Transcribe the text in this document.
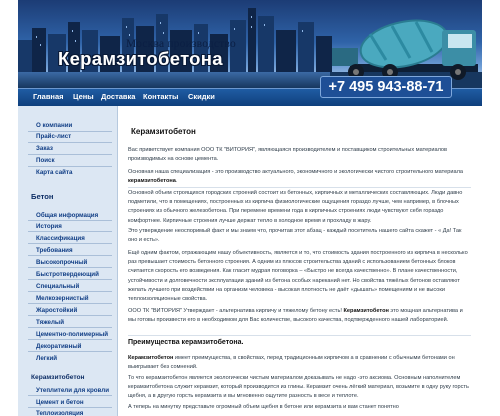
Москва производство
Керамзитобетона
+7 495 943-88-71
Главная Цены Доставка Контакты Скидки
О компании
Прайс-лист
Заказ
Поиск
Карта сайта
Бетон
Общая информация
История
Классификация
Требования
Высокопрочный
Быстротвердеющий
Специальный
Мелкозернистый
Жаростойкий
Тяжелый
Цементно-полимерный
Декоративный
Легкий
Керамзитобетон
Утеплители для кровли
Цемент и бетон
Теплоизоляция
Керамзитобетон

Вас приветствует компания ООО ТК "ВИТОРИЯ", являющаяся производителем и поставщиком строительных материалов производимых на основе цемента.

Основная наша специализация - это производство актуального, экономичного и экологически чистого строительного материала керамзитобетона.

Основной объем строящихся городских строений состоит из бетонных, кирпичных и металлических составляющих. Люди давно подметили, что в помещениях, построенных из кирпича физиологические ощущения гораздо лучше, чем например, в блочных строениях из обычного железобетона. При перемене времени года в кирпичных строениях люди чувствуют себя гораздо комфортнее. Кирпичные строения лучше держат тепло в холодное время и прохладу в жару.

Это утверждение неоспоримый факт и мы знаем что, прочитав этот абзац - каждый посетитель нашего сайта скажет - « Да! Так оно и есть».

Ещё одним фактом, отражающим нашу объективность, является и то, что стоимость здания построенного из кирпича в несколько раз превышает стоимость бетонного строения. А одним из плюсов строительства зданий с использованием бетонных блоков считается скорость его возведения. Как гласит мудрая поговорка – «Быстро не всегда качественно». В плане качественности, устойчивости и долговечности эксплуатации зданий из бетона особых нареканий нет. Но свойства тяжёлых бетонов оставляют желать лучшего при воздействии на организм человека - высокая плотность не даёт «дышать» помещениям и не высоки теплоизоляционные свойства.

ООО ТК "ВИТОРИЯ" Утверждает - альтернатива кирпичу и тяжелому бетону есть! Керамзитобетон это мощная альтернатива и мы готовы произвести его в необходимом для Вас количестве, высокого качества, подтвержденного нашей лабораторией.

Преимущества керамзитобетона.

Керамзитобетон имеет преимущества, в свойствах, перед традиционным кирпичом а в сравнении с обычными бетонами он выигрывает без сомнений.

То что керамзитобетон является экологически чистым материалом доказывать не надо -это аксиома. Основным наполнителем керамзитобетона служит керамзит, который производится из глины. Керамзит очень лёгкий материал, возьмите в одну руку горсть щебня, а в другую горсть керамзита и вы мгновенно ощутите разность в весе и теплоте.

А теперь на минутку представьте огромный объем щебня в бетоне или керамзита и вам станет понятно
